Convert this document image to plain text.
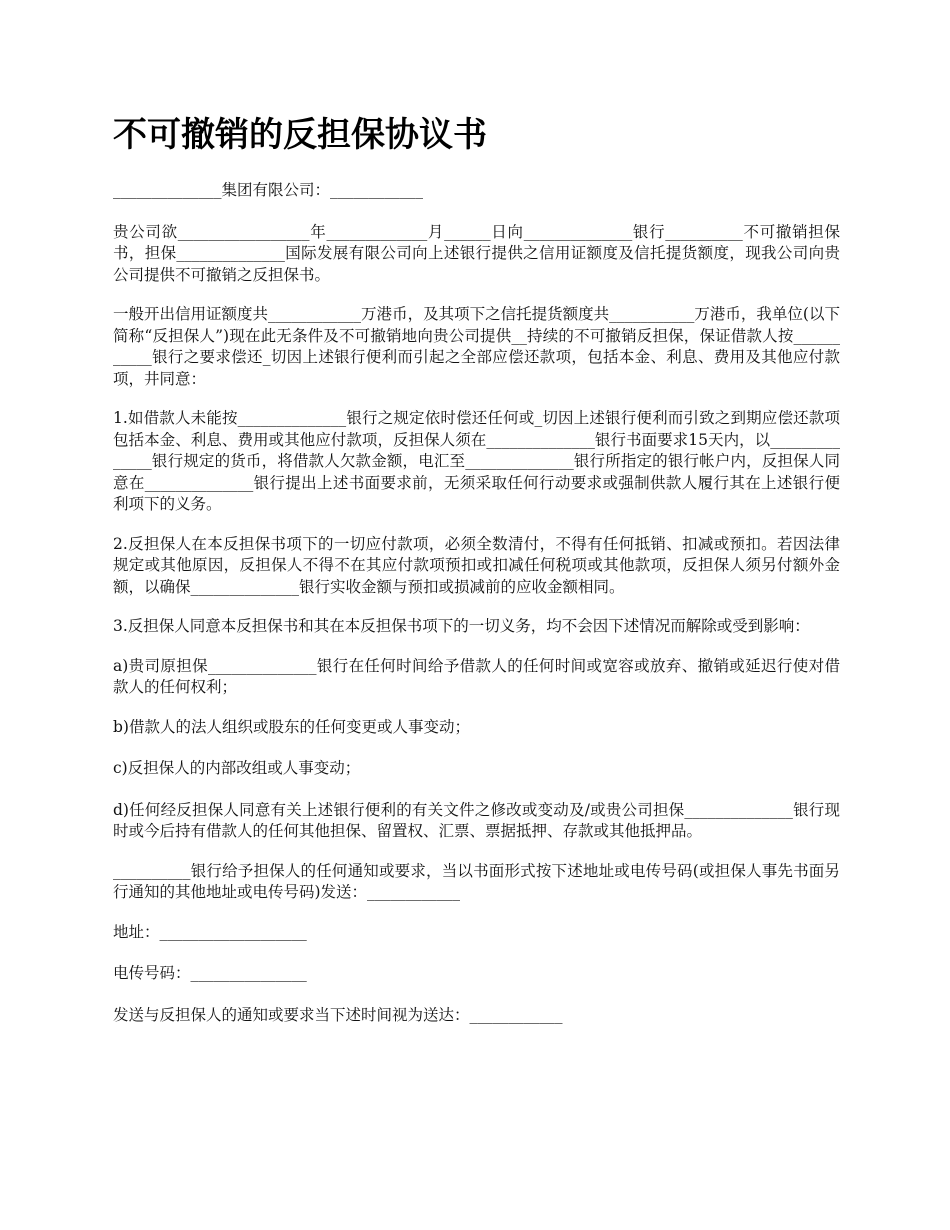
不可撤销的反担保协议书

______________集团有限公司：____________

贵公司欲_________________年_____________月______日向______________银行__________不可撤销担保书，担保______________国际发展有限公司向上述银行提供之信用证额度及信托提货额度，现我公司向贵公司提供不可撤销之反担保书。

一般开出信用证额度共____________万港币，及其项下之信托提货额度共___________万港币，我单位(以下简称“反担保人”)现在此无条件及不可撤销地向贵公司提供__持续的不可撤销反担保，保证借款人按___________银行之要求偿还_切因上述银行便利而引起之全部应偿还款项，包括本金、利息、费用及其他应付款项，井同意：

1.如借款人未能按______________银行之规定依时偿还任何或_切因上述银行便利而引致之到期应偿还款项包括本金、利息、费用或其他应付款项，反担保人须在______________银行书面要求15天内，以______________银行规定的货币，将借款人欠款金额，电汇至______________银行所指定的银行帐户内，反担保人同意在______________银行提出上述书面要求前，无须采取任何行动要求或强制供款人履行其在上述银行便利项下的义务。

2.反担保人在本反担保书项下的一切应付款项，必须全数清付，不得有任何抵销、扣减或预扣。若因法律规定或其他原因，反担保人不得不在其应付款项预扣或扣减任何税项或其他款项，反担保人须另付额外金额，以确保______________银行实收金额与预扣或损减前的应收金额相同。

3.反担保人同意本反担保书和其在本反担保书项下的一切义务，均不会因下述情况而解除或受到影响：

a)贵司原担保______________银行在任何时间给予借款人的任何时间或宽容或放弃、撤销或延迟行使对借款人的任何权利；

b)借款人的法人组织或股东的任何变更或人事变动；

c)反担保人的内部改组或人事变动；

d)任何经反担保人同意有关上述银行便利的有关文件之修改或变动及/或贵公司担保______________银行现时或今后持有借款人的任何其他担保、留置权、汇票、票据抵押、存款或其他抵押品。

__________银行给予担保人的任何通知或要求，当以书面形式按下述地址或电传号码(或担保人事先书面另行通知的其他地址或电传号码)发送：____________

地址：___________________

电传号码：_______________

发送与反担保人的通知或要求当下述时间视为送达：____________
